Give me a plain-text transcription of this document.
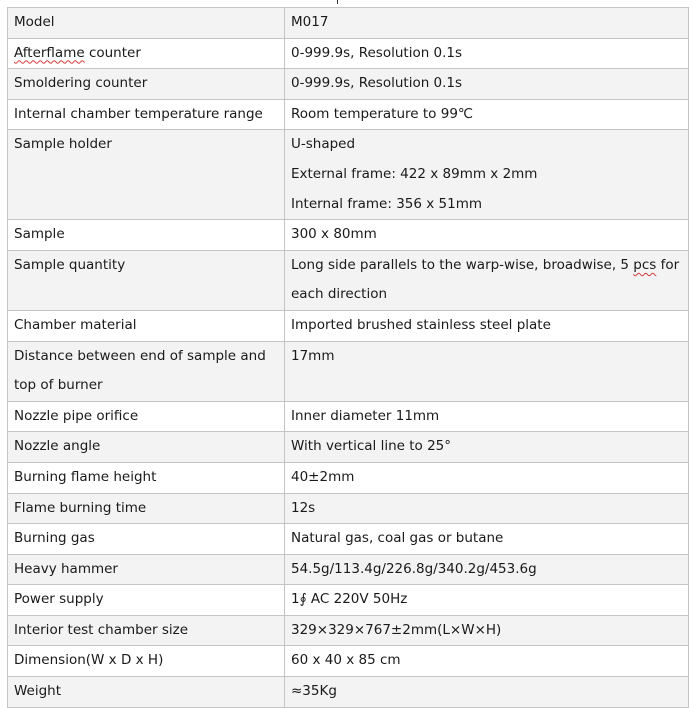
Model	M017
Afterflame counter	0-999.9s, Resolution 0.1s
Smoldering counter	0-999.9s, Resolution 0.1s
Internal chamber temperature range	Room temperature to 99℃
Sample holder	U-shaped
External frame: 422 x 89mm x 2mm
Internal frame: 356 x 51mm

Sample	300 x 80mm
Sample quantity	Long side parallels to the warp-wise, broadwise, 5 pcs for each direction
Chamber material	Imported brushed stainless steel plate
Distance between end of sample and top of burner	17mm
Nozzle pipe orifice	Inner diameter 11mm
Nozzle angle	With vertical line to 25°
Burning flame height	40±2mm
Flame burning time	12s
Burning gas	Natural gas, coal gas or butane
Heavy hammer	54.5g/113.4g/226.8g/340.2g/453.6g
Power supply	1∮ AC 220V 50Hz
Interior test chamber size	329×329×767±2mm(L×W×H)
Dimension(W x D x H)	60 x 40 x 85 cm
Weight	≈35Kg
